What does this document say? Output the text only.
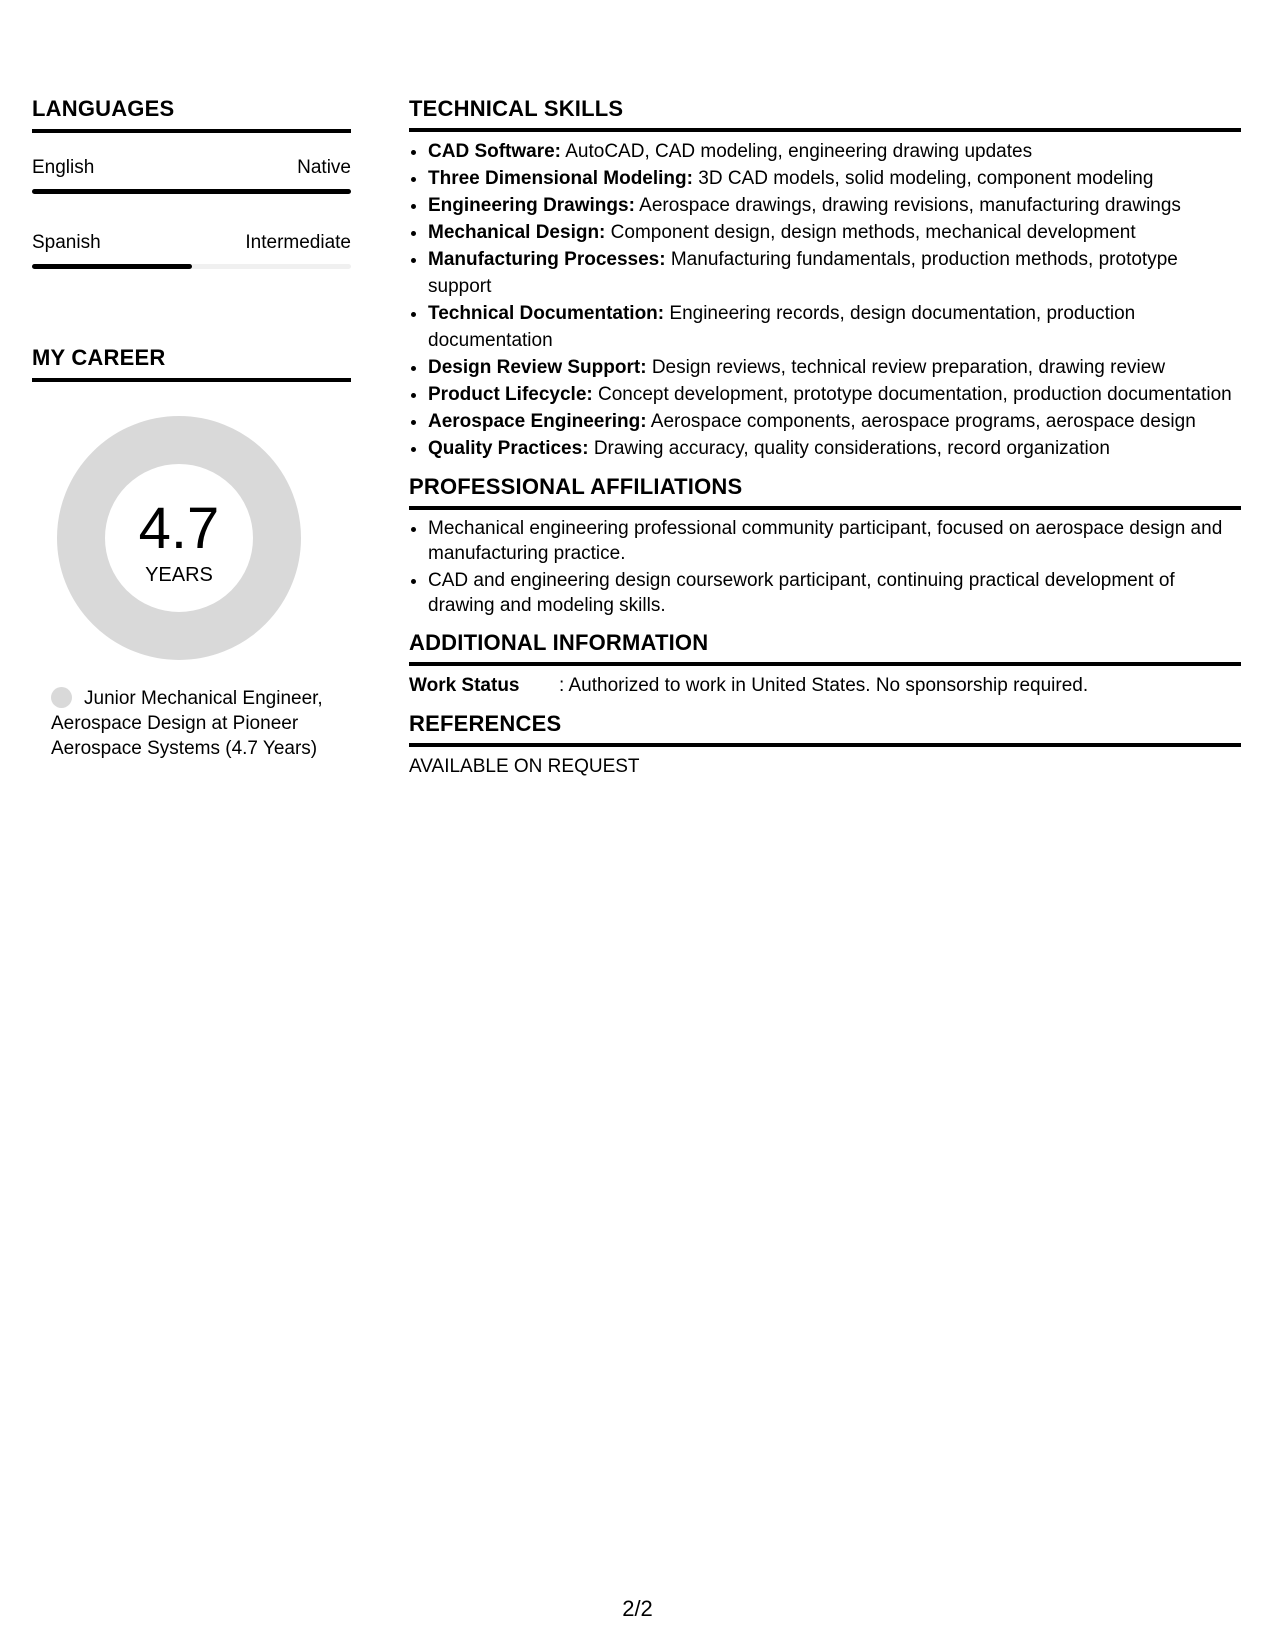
LANGUAGES
English	Native
Spanish	Intermediate
MY CAREER
4.7
YEARS
Junior Mechanical Engineer, Aerospace Design at Pioneer Aerospace Systems (4.7 Years)
TECHNICAL SKILLS
• CAD Software: AutoCAD, CAD modeling, engineering drawing updates
• Three Dimensional Modeling: 3D CAD models, solid modeling, component modeling
• Engineering Drawings: Aerospace drawings, drawing revisions, manufacturing drawings
• Mechanical Design: Component design, design methods, mechanical development
• Manufacturing Processes: Manufacturing fundamentals, production methods, prototype support
• Technical Documentation: Engineering records, design documentation, production documentation
• Design Review Support: Design reviews, technical review preparation, drawing review
• Product Lifecycle: Concept development, prototype documentation, production documentation
• Aerospace Engineering: Aerospace components, aerospace programs, aerospace design
• Quality Practices: Drawing accuracy, quality considerations, record organization
PROFESSIONAL AFFILIATIONS
• Mechanical engineering professional community participant, focused on aerospace design and manufacturing practice.
• CAD and engineering design coursework participant, continuing practical development of drawing and modeling skills.
ADDITIONAL INFORMATION
Work Status	: Authorized to work in United States. No sponsorship required.
REFERENCES
AVAILABLE ON REQUEST
2/2
